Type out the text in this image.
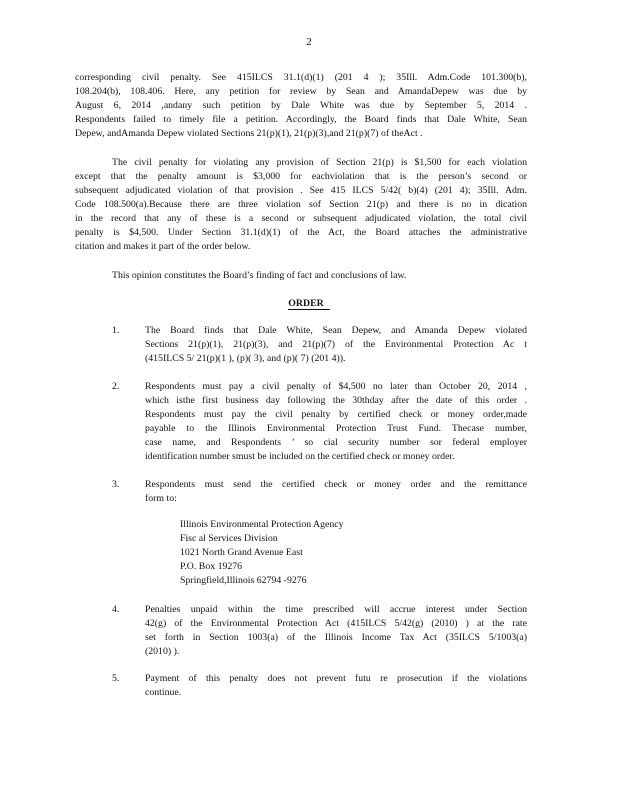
2
corresponding civil penalty. See 415ILCS 31.1(d)(1) (201 4 ); 35Ill. Adm.Code 101.300(b),
108.204(b), 108.406. Here, any petition for review by Sean and AmandaDepew was due by
August 6, 2014 ,andany such petition by Dale White was due by September 5, 2014 .
Respondents failed to timely file a petition. Accordingly, the Board finds that Dale White, Sean
Depew, andAmanda Depew violated Sections 21(p)(1), 21(p)(3),and 21(p)(7) of theAct .
The civil penalty for violating any provision of Section 21(p) is $1,500 for each violation
except that the penalty amount is $3,000 for eachviolation that is the person’s second or
subsequent adjudicated violation of that provision . See 415 ILCS 5/42( b)(4) (201 4); 35Ill. Adm.
Code 108.500(a).Because there are three violation sof Section 21(p) and there is no in dication
in the record that any of these is a second or subsequent adjudicated violation, the total civil
penalty is $4,500. Under Section 31.1(d)(1) of the Act, the Board attaches the administrative
citation and makes it part of the order below.
This opinion constitutes the Board’s finding of fact and conclusions of law.
ORDER
1.	The Board finds that Dale White, Sean Depew, and Amanda Depew violated
Sections 21(p)(1), 21(p)(3), and 21(p)(7) of the Environmental Protection Ac t
(415ILCS 5/ 21(p)(1 ), (p)( 3), and (p)( 7) (201 4)).
2.	Respondents must pay a civil penalty of $4,500 no later than October 20, 2014 ,
which isthe first business day following the 30thday after the date of this order .
Respondents must pay the civil penalty by certified check or money order,made
payable to the Illinois Environmental Protection Trust Fund. Thecase number,
case name, and Respondents ’ so cial security number sor federal employer
identification number smust be included on the certified check or money order.
3.	Respondents must send the certified check or money order and the remittance
form to:
Illinois Environmental Protection Agency
Fisc al Services Division
1021 North Grand Avenue East
P.O. Box 19276
Springfield,Illinois 62794 -9276
4.	Penalties unpaid within the time prescribed will accrue interest under Section
42(g) of the Environmental Protection Act (415ILCS 5/42(g) (2010) ) at the rate
set forth in Section 1003(a) of the Illinois Income Tax Act (35ILCS 5/1003(a)
(2010) ).
5.	Payment of this penalty does not prevent futu re prosecution if the violations
continue.
